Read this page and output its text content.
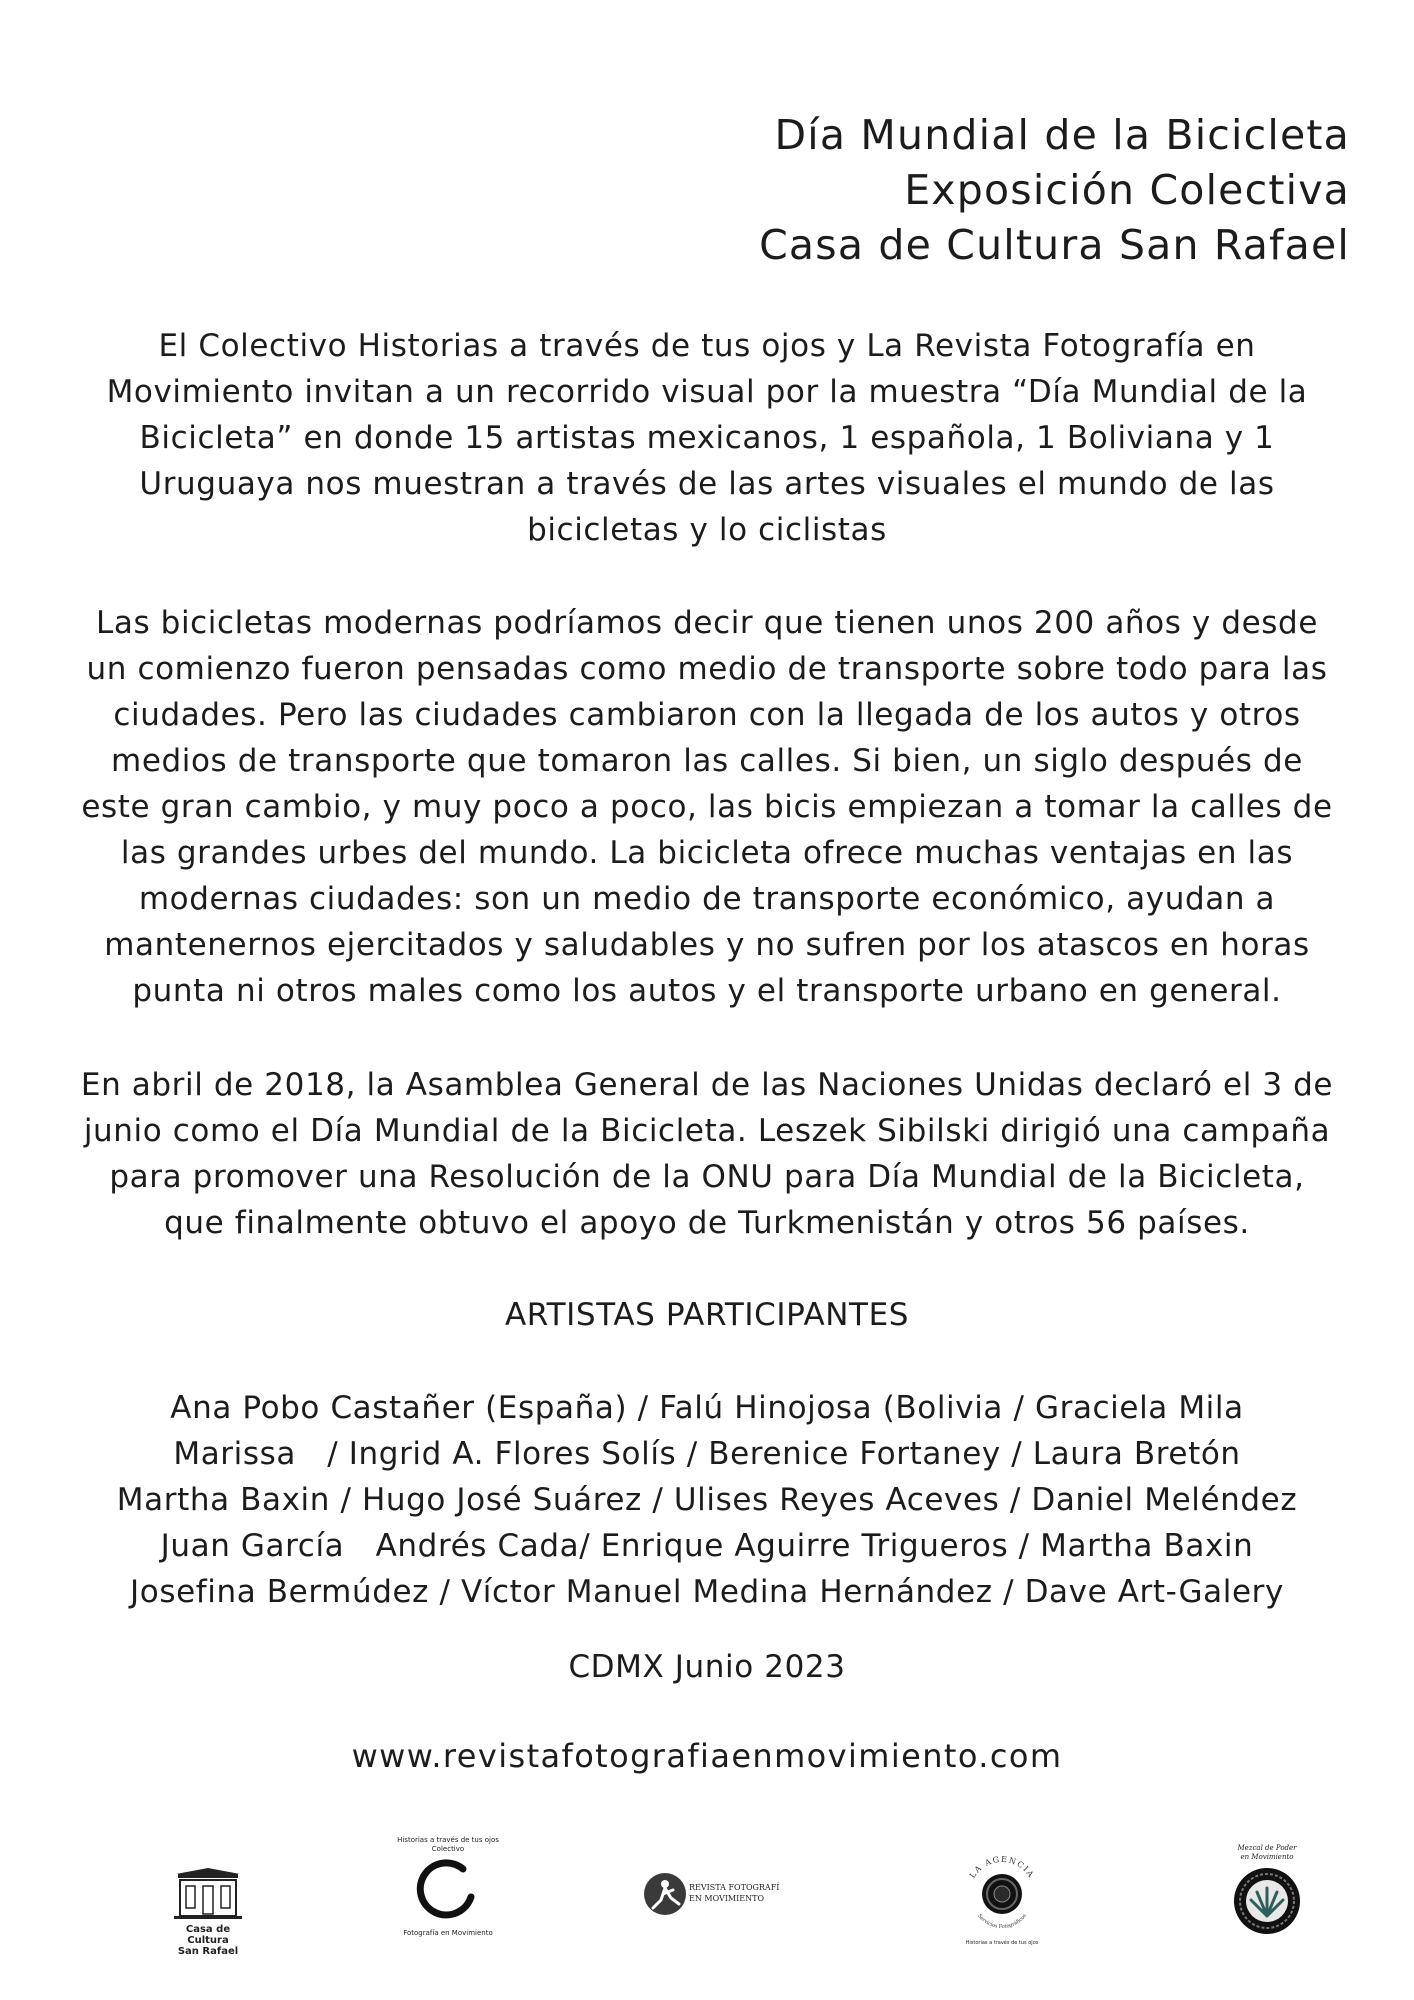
Día Mundial de la Bicicleta
Exposición Colectiva
Casa de Cultura San Rafael

El Colectivo Historias a través de tus ojos y La Revista Fotografía en

Movimiento invitan a un recorrido visual por la muestra “Día Mundial de la

Bicicleta” en donde 15 artistas mexicanos, 1 española, 1 Boliviana y 1

Uruguaya nos muestran a través de las artes visuales el mundo de las

bicicletas y lo ciclistas

Las bicicletas modernas podríamos decir que tienen unos 200 años y desde

un comienzo fueron pensadas como medio de transporte sobre todo para las

ciudades. Pero las ciudades cambiaron con la llegada de los autos y otros

medios de transporte que tomaron las calles. Si bien, un siglo después de

este gran cambio, y muy poco a poco, las bicis empiezan a tomar la calles de

las grandes urbes del mundo. La bicicleta ofrece muchas ventajas en las

modernas ciudades: son un medio de transporte económico, ayudan a

mantenernos ejercitados y saludables y no sufren por los atascos en horas

punta ni otros males como los autos y el transporte urbano en general.

En abril de 2018, la Asamblea General de las Naciones Unidas declaró el 3 de

junio como el Día Mundial de la Bicicleta. Leszek Sibilski dirigió una campaña

para promover una Resolución de la ONU para Día Mundial de la Bicicleta,

que finalmente obtuvo el apoyo de Turkmenistán y otros 56 países.

ARTISTAS PARTICIPANTES

Ana Pobo Castañer (España) / Falú Hinojosa (Bolivia / Graciela Mila

Marissa   / Ingrid A. Flores Solís / Berenice Fortaney / Laura Bretón

Martha Baxin / Hugo José Suárez / Ulises Reyes Aceves / Daniel Meléndez

Juan García   Andrés Cada/ Enrique Aguirre Trigueros / Martha Baxin

Josefina Bermúdez / Víctor Manuel Medina Hernández / Dave Art-Galery

CDMX Junio 2023
www.revistafotografiaenmovimiento.com
Casa de Cultura
San Rafael
Historias a través de tus ojos
Colectivo
Fotografía en Movimiento
REVISTA FOTOGRAFÍ
EN MOVIMIENTO
LA AGENCIA
Servicios Fotográficos
Historias a través de tus ojos
Mezcal de Poder
en Movimiento
